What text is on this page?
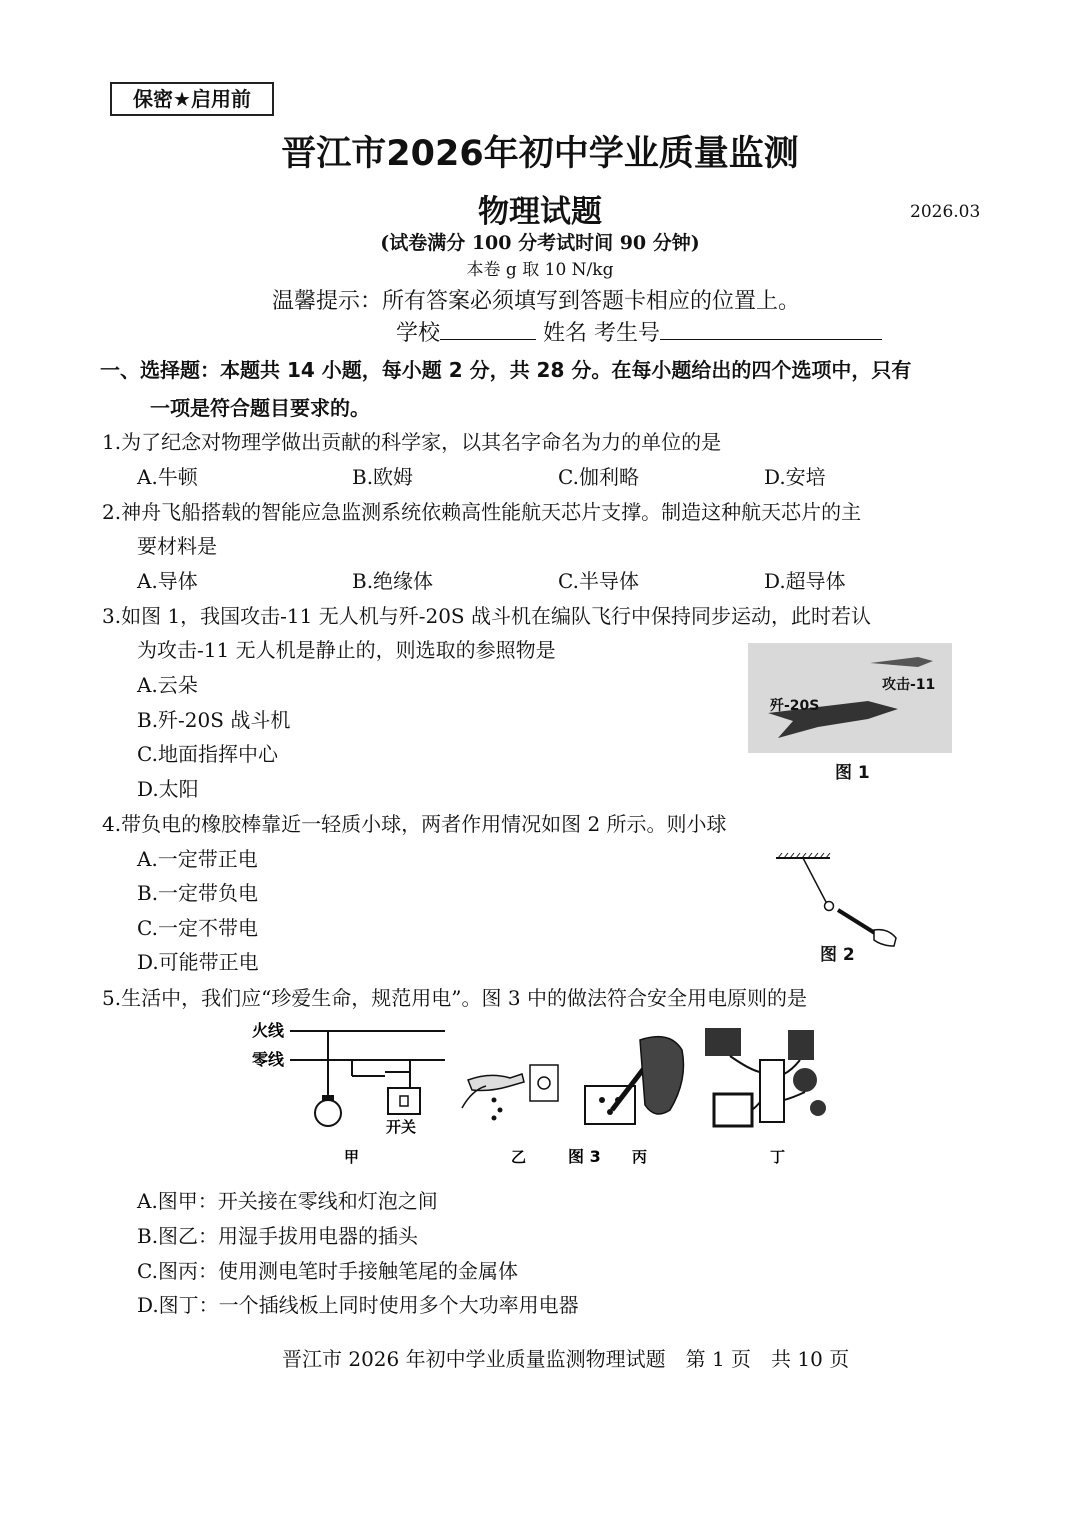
保密★启用前
晋江市2026年初中学业质量监测
物理试题	2026.03
(试卷满分 100 分考试时间 90 分钟)
本卷 g 取 10 N/kg
温馨提示：所有答案必须填写到答题卡相应的位置上。
学校	姓名 考生号
一、选择题：本题共 14 小题，每小题 2 分，共 28 分。在每小题给出的四个选项中，只有
一项是符合题目要求的。
1.为了纪念对物理学做出贡献的科学家，以其名字命名为力的单位的是
A.牛顿	B.欧姆	C.伽利略	D.安培
2.神舟飞船搭载的智能应急监测系统依赖高性能航天芯片支撑。制造这种航天芯片的主
要材料是
A.导体	B.绝缘体	C.半导体	D.超导体
3.如图 1，我国攻击-11 无人机与歼-20S 战斗机在编队飞行中保持同步运动，此时若认
为攻击-11 无人机是静止的，则选取的参照物是
A.云朵
B.歼-20S 战斗机
C.地面指挥中心
D.太阳
攻击-11
歼-20S
图 1
4.带负电的橡胶棒靠近一轻质小球，两者作用情况如图 2 所示。则小球
A.一定带正电
B.一定带负电
C.一定不带电
D.可能带正电	图 2
5.生活中，我们应“珍爱生命，规范用电”。图 3 中的做法符合安全用电原则的是
火线
零线
开关
甲	乙	图 3 丙	丁
A.图甲：开关接在零线和灯泡之间
B.图乙：用湿手拔用电器的插头
C.图丙：使用测电笔时手接触笔尾的金属体
D.图丁：一个插线板上同时使用多个大功率用电器
晋江市 2026 年初中学业质量监测物理试题　第 1 页　共 10 页
